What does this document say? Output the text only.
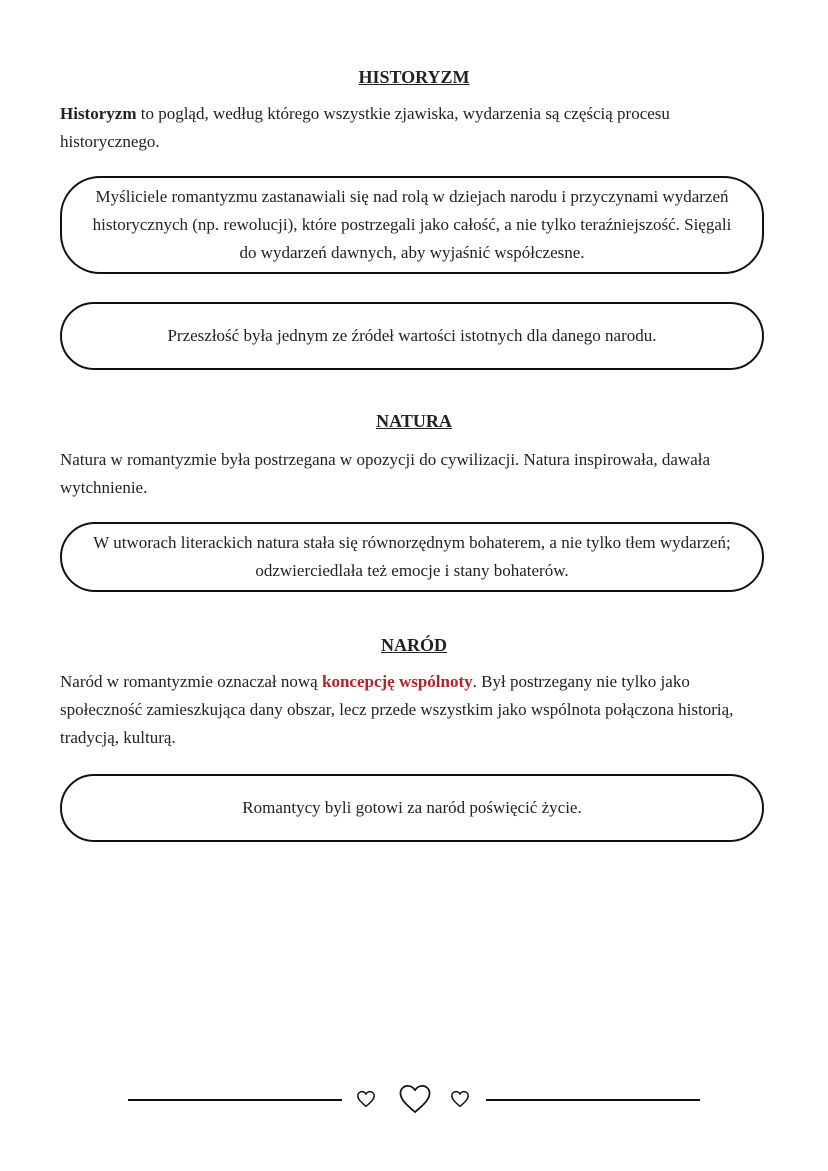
HISTORYZM
Historyzm to pogląd, według którego wszystkie zjawiska, wydarzenia są częścią procesu historycznego.
Myśliciele romantyzmu zastanawiali się nad rolą w dziejach narodu i przyczynami wydarzeń historycznych (np. rewolucji), które postrzegali jako całość, a nie tylko teraźniejszość. Sięgali do wydarzeń dawnych, aby wyjaśnić współczesne.
Przeszłość była jednym ze źródeł wartości istotnych dla danego narodu.
NATURA
Natura w romantyzmie była postrzegana w opozycji do cywilizacji. Natura inspirowała, dawała wytchnienie.
W utworach literackich natura stała się równorzędnym bohaterem, a nie tylko tłem wydarzeń; odzwierciedlała też emocje i stany bohaterów.
NARÓD
Naród w romantyzmie oznaczał nową koncepcję wspólnoty. Był postrzegany nie tylko jako społeczność zamieszkująca dany obszar, lecz przede wszystkim jako wspólnota połączona historią, tradycją, kulturą.
Romantycy byli gotowi za naród poświęcić życie.
